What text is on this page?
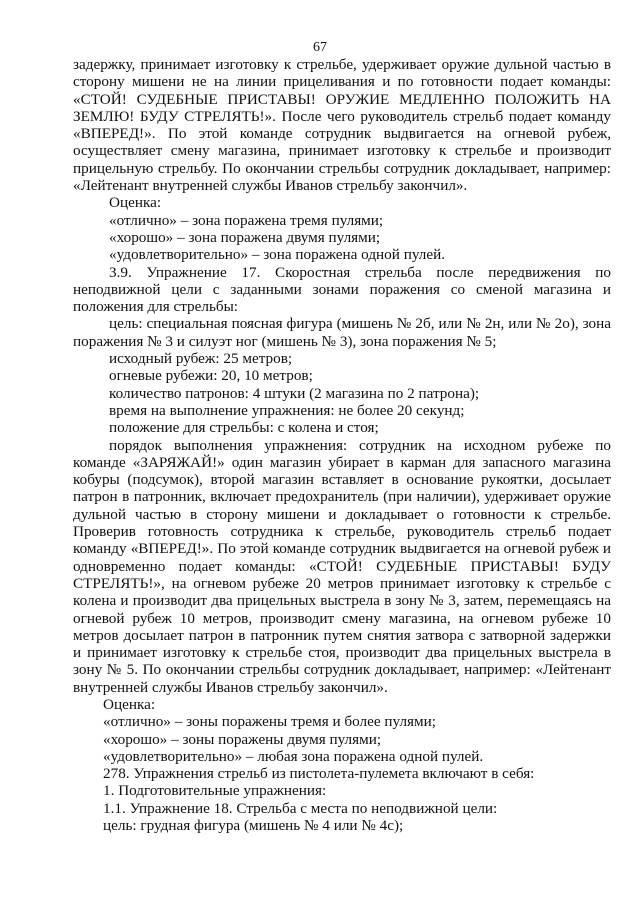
67

задержку, принимает изготовку к стрельбе, удерживает оружие дульной частью в сторону мишени не на линии прицеливания и по готовности подает команды: «СТОЙ! СУДЕБНЫЕ ПРИСТАВЫ! ОРУЖИЕ МЕДЛЕННО ПОЛОЖИТЬ НА ЗЕМЛЮ! БУДУ СТРЕЛЯТЬ!». После чего руководитель стрельб подает команду «ВПЕРЕД!». По этой команде сотрудник выдвигается на огневой рубеж, осуществляет смену магазина, принимает изготовку к стрельбе и производит прицельную стрельбу. По окончании стрельбы сотрудник докладывает, например: «Лейтенант внутренней службы Иванов стрельбу закончил».

Оценка:

«отлично» – зона поражена тремя пулями;

«хорошо» – зона поражена двумя пулями;

«удовлетворительно» – зона поражена одной пулей.

3.9. Упражнение 17. Скоростная стрельба после передвижения по неподвижной цели с заданными зонами поражения со сменой магазина и положения для стрельбы:

цель: специальная поясная фигура (мишень № 2б, или № 2н, или № 2о), зона поражения № 3 и силуэт ног (мишень № 3), зона поражения № 5;

исходный рубеж: 25 метров;

огневые рубежи: 20, 10 метров;

количество патронов: 4 штуки (2 магазина по 2 патрона);

время на выполнение упражнения: не более 20 секунд;

положение для стрельбы: с колена и стоя;

порядок выполнения упражнения: сотрудник на исходном рубеже по команде «ЗАРЯЖАЙ!» один магазин убирает в карман для запасного магазина кобуры (подсумок), второй магазин вставляет в основание рукоятки, досылает патрон в патронник, включает предохранитель (при наличии), удерживает оружие дульной частью в сторону мишени и докладывает о готовности к стрельбе. Проверив готовность сотрудника к стрельбе, руководитель стрельб подает команду «ВПЕРЕД!». По этой команде сотрудник выдвигается на огневой рубеж и одновременно подает команды: «СТОЙ! СУДЕБНЫЕ ПРИСТАВЫ! БУДУ СТРЕЛЯТЬ!», на огневом рубеже 20 метров принимает изготовку к стрельбе с колена и производит два прицельных выстрела в зону № 3, затем, перемещаясь на огневой рубеж 10 метров, производит смену магазина, на огневом рубеже 10 метров досылает патрон в патронник путем снятия затвора с затворной задержки и принимает изготовку к стрельбе стоя, производит два прицельных выстрела в зону № 5. По окончании стрельбы сотрудник докладывает, например: «Лейтенант внутренней службы Иванов стрельбу закончил».

Оценка:

«отлично» – зоны поражены тремя и более пулями;

«хорошо» – зоны поражены двумя пулями;

«удовлетворительно» – любая зона поражена одной пулей.

278. Упражнения стрельб из пистолета-пулемета включают в себя:

1. Подготовительные упражнения:

1.1. Упражнение 18. Стрельба с места по неподвижной цели:

цель: грудная фигура (мишень № 4 или № 4с);
